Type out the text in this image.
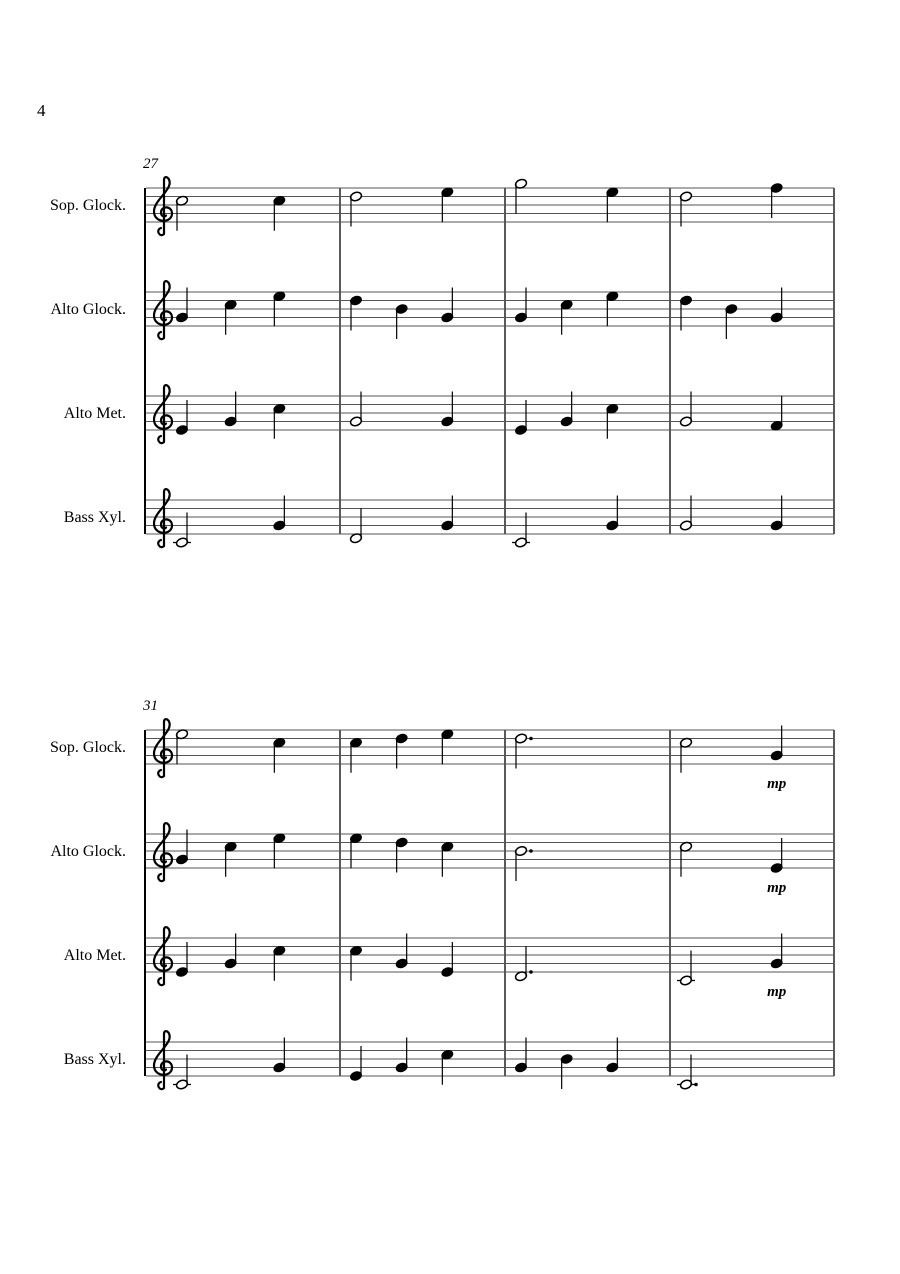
4
27
Sop. Glock.
Alto Glock.
Alto Met.
Bass Xyl.
31
Sop. Glock.
mp
Alto Glock.
mp
Alto Met.
mp
Bass Xyl.
